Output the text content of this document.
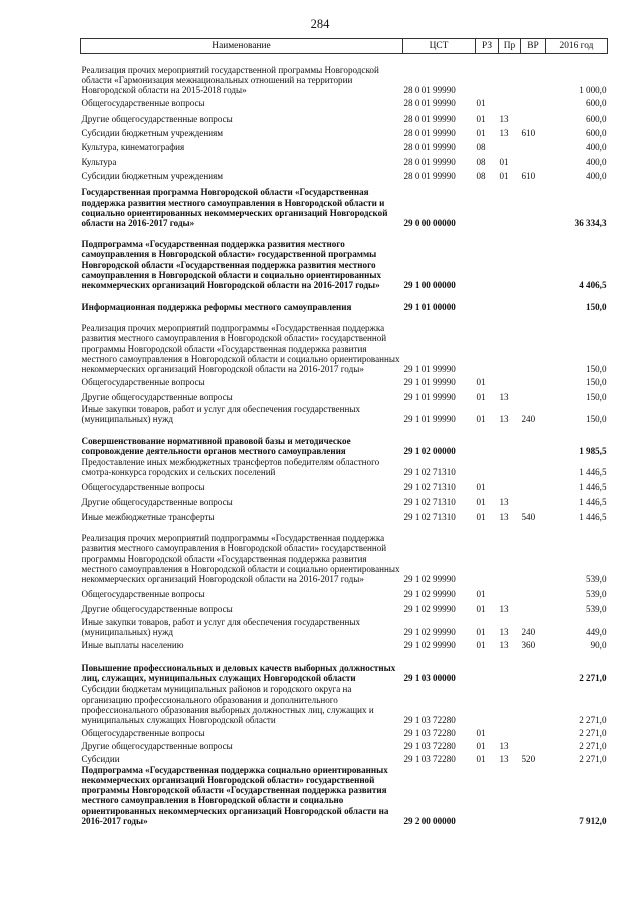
284
Наименование	ЦСТ	РЗ	Пр	ВР	2016 год
Реализация прочих мероприятий государственной программы Новгородской области «Гармонизация межнациональных отношений на территории Новгородской области на 2015-2018 годы»	28 0 01 99990				1 000,0
Общегосударственные вопросы	28 0 01 99990	01			600,0
Другие общегосударственные вопросы	28 0 01 99990	01	13		600,0
Субсидии бюджетным учреждениям	28 0 01 99990	01	13	610	600,0
Культура, кинематография	28 0 01 99990	08			400,0
Культура	28 0 01 99990	08	01		400,0
Субсидии бюджетным учреждениям	28 0 01 99990	08	01	610	400,0
Государственная программа Новгородской области «Государственная поддержка развития местного самоуправления в Новгородской области и социально ориентированных некоммерческих организаций Новгородской области на 2016-2017 годы»	29 0 00 00000				36 334,3
Подпрограмма «Государственная поддержка развития местного самоуправления в Новгородской области» государственной программы Новгородской области «Государственная поддержка развития местного самоуправления в Новгородской области и социально ориентированных некоммерческих организаций Новгородской области на 2016-2017 годы»	29 1 00 00000				4 406,5
Информационная поддержка реформы местного самоуправления	29 1 01 00000				150,0
Реализация прочих мероприятий подпрограммы «Государственная поддержка развития местного самоуправления в Новгородской области» государственной программы Новгородской области «Государственная поддержка развития местного самоуправления в Новгородской области и социально ориентированных некоммерческих организаций Новгородской области на 2016-2017 годы»	29 1 01 99990				150,0
Общегосударственные вопросы	29 1 01 99990	01			150,0
Другие общегосударственные вопросы	29 1 01 99990	01	13		150,0
Иные закупки товаров, работ и услуг для обеспечения государственных (муниципальных) нужд	29 1 01 99990	01	13	240	150,0
Совершенствование нормативной правовой базы и методическое сопровождение деятельности органов местного самоуправления	29 1 02 00000				1 985,5
Предоставление иных межбюджетных трансфертов победителям областного смотра-конкурса городских и сельских поселений	29 1 02 71310				1 446,5
Общегосударственные вопросы	29 1 02 71310	01			1 446,5
Другие общегосударственные вопросы	29 1 02 71310	01	13		1 446,5
Иные межбюджетные трансферты	29 1 02 71310	01	13	540	1 446,5
Реализация прочих мероприятий подпрограммы «Государственная поддержка развития местного самоуправления в Новгородской области» государственной программы Новгородской области «Государственная поддержка развития местного самоуправления в Новгородской области и социально ориентированных некоммерческих организаций Новгородской области на 2016-2017 годы»	29 1 02 99990				539,0
Общегосударственные вопросы	29 1 02 99990	01			539,0
Другие общегосударственные вопросы	29 1 02 99990	01	13		539,0
Иные закупки товаров, работ и услуг для обеспечения государственных (муниципальных) нужд	29 1 02 99990	01	13	240	449,0
Иные выплаты населению	29 1 02 99990	01	13	360	90,0
Повышение профессиональных и деловых качеств выборных должностных лиц, служащих, муниципальных служащих Новгородской области	29 1 03 00000				2 271,0
Субсидии бюджетам муниципальных районов и городского округа на организацию профессионального образования и дополнительного профессионального образования выборных должностных лиц, служащих и муниципальных служащих Новгородской области	29 1 03 72280				2 271,0
Общегосударственные вопросы	29 1 03 72280	01			2 271,0
Другие общегосударственные вопросы	29 1 03 72280	01	13		2 271,0
Субсидии	29 1 03 72280	01	13	520	2 271,0
Подпрограмма «Государственная поддержка социально ориентированных некоммерческих организаций Новгородской области» государственной программы Новгородской области «Государственная поддержка развития местного самоуправления в Новгородской области и социально ориентированных некоммерческих организаций Новгородской области на 2016-2017 годы»	29 2 00 00000				7 912,0
